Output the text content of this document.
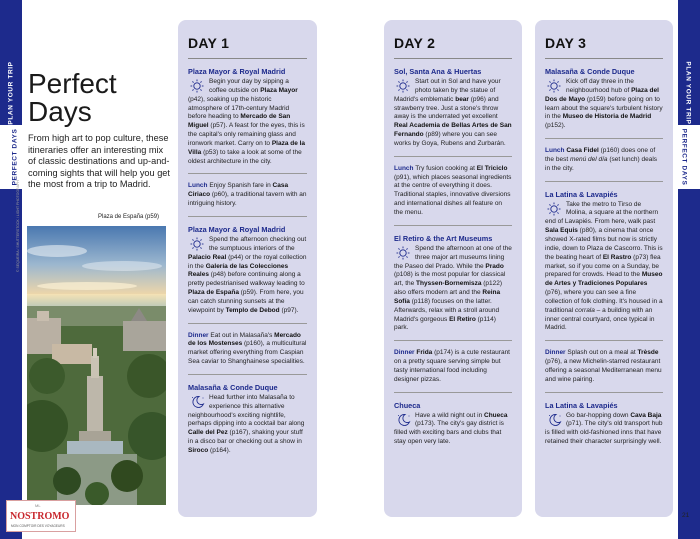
PLAN YOUR TRIP
PERFECT DAYS
PLAN YOUR TRIP
PERFECT DAYS
Perfect
Days
From high art to pop culture, these itineraries offer an interesting mix of classic destinations and up-and-coming sights that will help you get the most from a trip to Madrid.
Plaza de España (p59)
© SEQUEIRA / SHUTTERSTOCK / LIGHT PHOTOGRAPH
ML
NOSTROMO
MON COMPTOIR DES VOYAGEURS
DAY 1
Plaza Mayor & Royal Madrid

Begin your day by sipping a coffee outside on Plaza Mayor (p42), soaking up the historic atmosphere of 17th-century Madrid before heading to Mercado de San Miguel (p57). A feast for the eyes, this is the capital's only remaining glass and ironwork market. Carry on to Plaza de la Villa (p53) to take a look at some of the oldest architecture in the city.

Lunch Enjoy Spanish fare in Casa Ciriaco (p60), a traditional tavern with an intriguing history.

Plaza Mayor & Royal Madrid

Spend the afternoon checking out the sumptuous interiors of the Palacio Real (p44) or the royal collection in the Galería de las Colecciones Reales (p48) before continuing along a pretty pedestrianised walkway leading to Plaza de España (p59). From here, you can catch stunning sunsets at the viewpoint by Templo de Debod (p97).

Dinner Eat out in Malasaña's Mercado de los Mostenses (p160), a multicultural market offering everything from Caspian Sea caviar to Shanghainese specialities.

Malasaña & Conde Duque

Head further into Malasaña to experience this alternative neighbourhood's exciting nightlife, perhaps dipping into a cocktail bar along Calle del Pez (p167), shaking your stuff in a disco bar or checking out a show in Siroco (p164).

DAY 2
Sol, Santa Ana & Huertas

Start out in Sol and have your photo taken by the statue of Madrid's emblematic bear (p96) and strawberry tree. Just a stone's throw away is the underrated yet excellent Real Academia de Bellas Artes de San Fernando (p89) where you can see works by Goya, Rubens and Zurbarán.

Lunch Try fusion cooking at El Triciclo (p91), which places seasonal ingredients at the centre of everything it does. Traditional staples, innovative diversions and international dishes all feature on the menu.

El Retiro & the Art Museums

Spend the afternoon at one of the three major art museums lining the Paseo del Prado. While the Prado (p108) is the most popular for classical art, the Thyssen-Bornemisza (p122) also offers modern art and the Reina Sofía (p118) focuses on the latter. Afterwards, relax with a stroll around Madrid's gorgeous El Retiro (p114) park.

Dinner Frida (p174) is a cute restaurant on a pretty square serving simple but tasty international food including designer pizzas.

Chueca

Have a wild night out in Chueca (p173). The city's gay district is filled with exciting bars and clubs that stay open very late.

DAY 3
Malasaña & Conde Duque

Kick off day three in the neighbourhood hub of Plaza del Dos de Mayo (p159) before going on to learn about the square's turbulent history in the Museo de Historia de Madrid (p152).

Lunch Casa Fidel (p160) does one of the best menú del día (set lunch) deals in the city.

La Latina & Lavapiés

Take the metro to Tirso de Molina, a square at the northern end of Lavapiés. From here, walk past Sala Equis (p80), a cinema that once showed X-rated films but now is strictly indie, down to Plaza de Cascorro. This is the beating heart of El Rastro (p73) flea market, so if you come on a Sunday, be prepared for crowds. Head to the Museo de Artes y Tradiciones Populares (p76), where you can see a fine collection of folk clothing. It's housed in a traditional corrala – a building with an inner central courtyard, once typical in Madrid.

Dinner Splash out on a meal at Trèsde (p76), a new Michelin-starred restaurant offering a seasonal Mediterranean menu and wine pairing.

La Latina & Lavapiés

Go bar-hopping down Cava Baja (p71). The city's old transport hub is filled with old-fashioned inns that have retained their character surprisingly well.

21
